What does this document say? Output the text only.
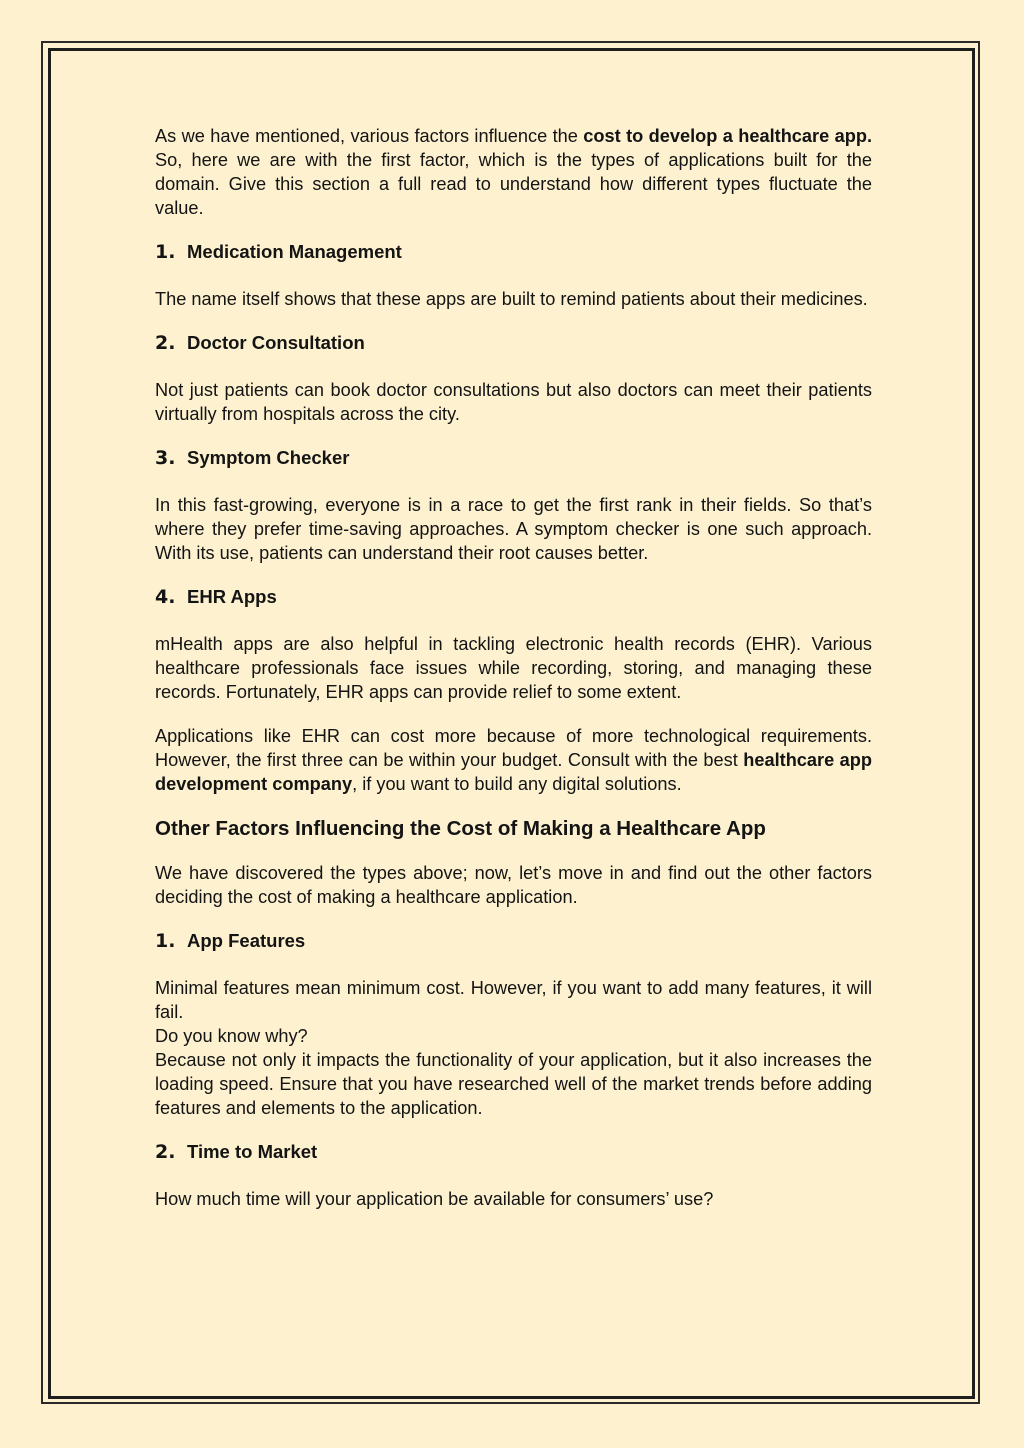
As we have mentioned, various factors influence the cost to develop a healthcare app. So, here we are with the first factor, which is the types of applications built for the domain. Give this section a full read to understand how different types fluctuate the value.

1. Medication Management

The name itself shows that these apps are built to remind patients about their medicines.

2. Doctor Consultation

Not just patients can book doctor consultations but also doctors can meet their patients virtually from hospitals across the city.

3. Symptom Checker

In this fast-growing, everyone is in a race to get the first rank in their fields. So that’s where they prefer time-saving approaches. A symptom checker is one such approach. With its use, patients can understand their root causes better.

4. EHR Apps

mHealth apps are also helpful in tackling electronic health records (EHR). Various healthcare professionals face issues while recording, storing, and managing these records. Fortunately, EHR apps can provide relief to some extent.

Applications like EHR can cost more because of more technological requirements. However, the first three can be within your budget. Consult with the best healthcare app development company, if you want to build any digital solutions.

Other Factors Influencing the Cost of Making a Healthcare App

We have discovered the types above; now, let’s move in and find out the other factors deciding the cost of making a healthcare application.

1. App Features

Minimal features mean minimum cost. However, if you want to add many features, it will fail.

Do you know why?

Because not only it impacts the functionality of your application, but it also increases the loading speed. Ensure that you have researched well of the market trends before adding features and elements to the application.

2. Time to Market

How much time will your application be available for consumers’ use?
